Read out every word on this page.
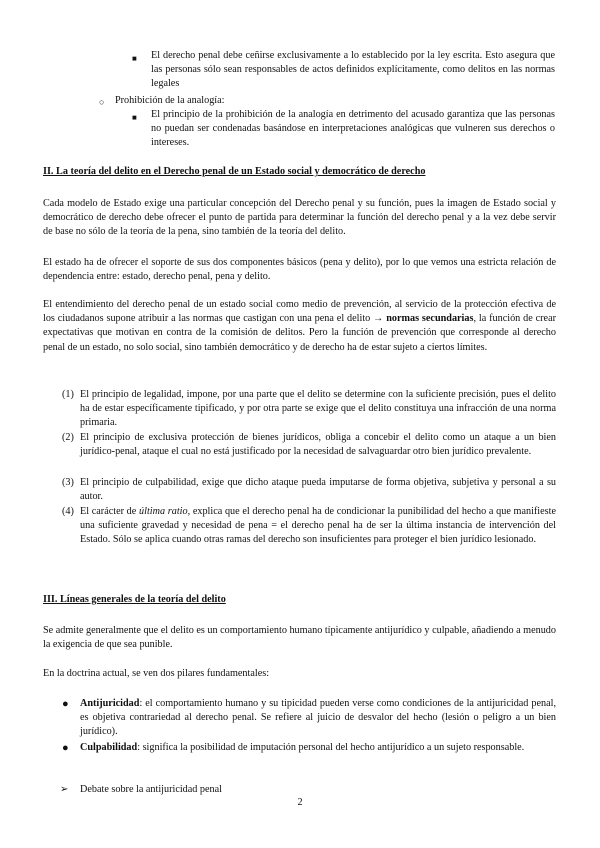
■ El derecho penal debe ceñirse exclusivamente a lo establecido por la ley escrita. Esto asegura que las personas sólo sean responsables de actos definidos explícitamente, como delitos en las normas legales

○ Prohibición de la analogía:

■ El principio de la prohibición de la analogía en detrimento del acusado garantiza que las personas no puedan ser condenadas basándose en interpretaciones analógicas que vulneren sus derechos o intereses.

II. La teoría del delito en el Derecho penal de un Estado social y democrático de derecho

Cada modelo de Estado exige una particular concepción del Derecho penal y su función, pues la imagen de Estado social y democrático de derecho debe ofrecer el punto de partida para determinar la función del derecho penal y a la vez debe servir de base no sólo de la teoría de la pena, sino también de la teoría del delito.

El estado ha de ofrecer el soporte de sus dos componentes básicos (pena y delito), por lo que vemos una estricta relación de dependencia entre: estado, derecho penal, pena y delito.

El entendimiento del derecho penal de un estado social como medio de prevención, al servicio de la protección efectiva de los ciudadanos supone atribuir a las normas que castigan con una pena el delito → normas secundarias, la función de crear expectativas que motivan en contra de la comisión de delitos. Pero la función de prevención que corresponde al derecho penal de un estado, no solo social, sino también democrático y de derecho ha de estar sujeto a ciertos límites.

(1) El principio de legalidad, impone, por una parte que el delito se determine con la suficiente precisión, pues el delito ha de estar específicamente tipificado, y por otra parte se exige que el delito constituya una infracción de una norma primaria.

(2) El principio de exclusiva protección de bienes jurídicos, obliga a concebir el delito como un ataque a un bien jurídico-penal, ataque el cual no está justificado por la necesidad de salvaguardar otro bien jurídico prevalente.

(3) El principio de culpabilidad, exige que dicho ataque pueda imputarse de forma objetiva, subjetiva y personal a su autor.

(4) El carácter de última ratio, explica que el derecho penal ha de condicionar la punibilidad del hecho a que manifieste una suficiente gravedad y necesidad de pena = el derecho penal ha de ser la última instancia de intervención del Estado. Sólo se aplica cuando otras ramas del derecho son insuficientes para proteger el bien jurídico lesionado.

III. Líneas generales de la teoría del delito

Se admite generalmente que el delito es un comportamiento humano típicamente antijurídico y culpable, añadiendo a menudo la exigencia de que sea punible.

En la doctrina actual, se ven dos pilares fundamentales:

● Antijuricidad: el comportamiento humano y su tipicidad pueden verse como condiciones de la antijuricidad penal, es objetiva contrariedad al derecho penal. Se refiere al juicio de desvalor del hecho (lesión o peligro a un bien jurídico).

● Culpabilidad: significa la posibilidad de imputación personal del hecho antijurídico a un sujeto responsable.

➢ Debate sobre la antijuricidad penal

2
